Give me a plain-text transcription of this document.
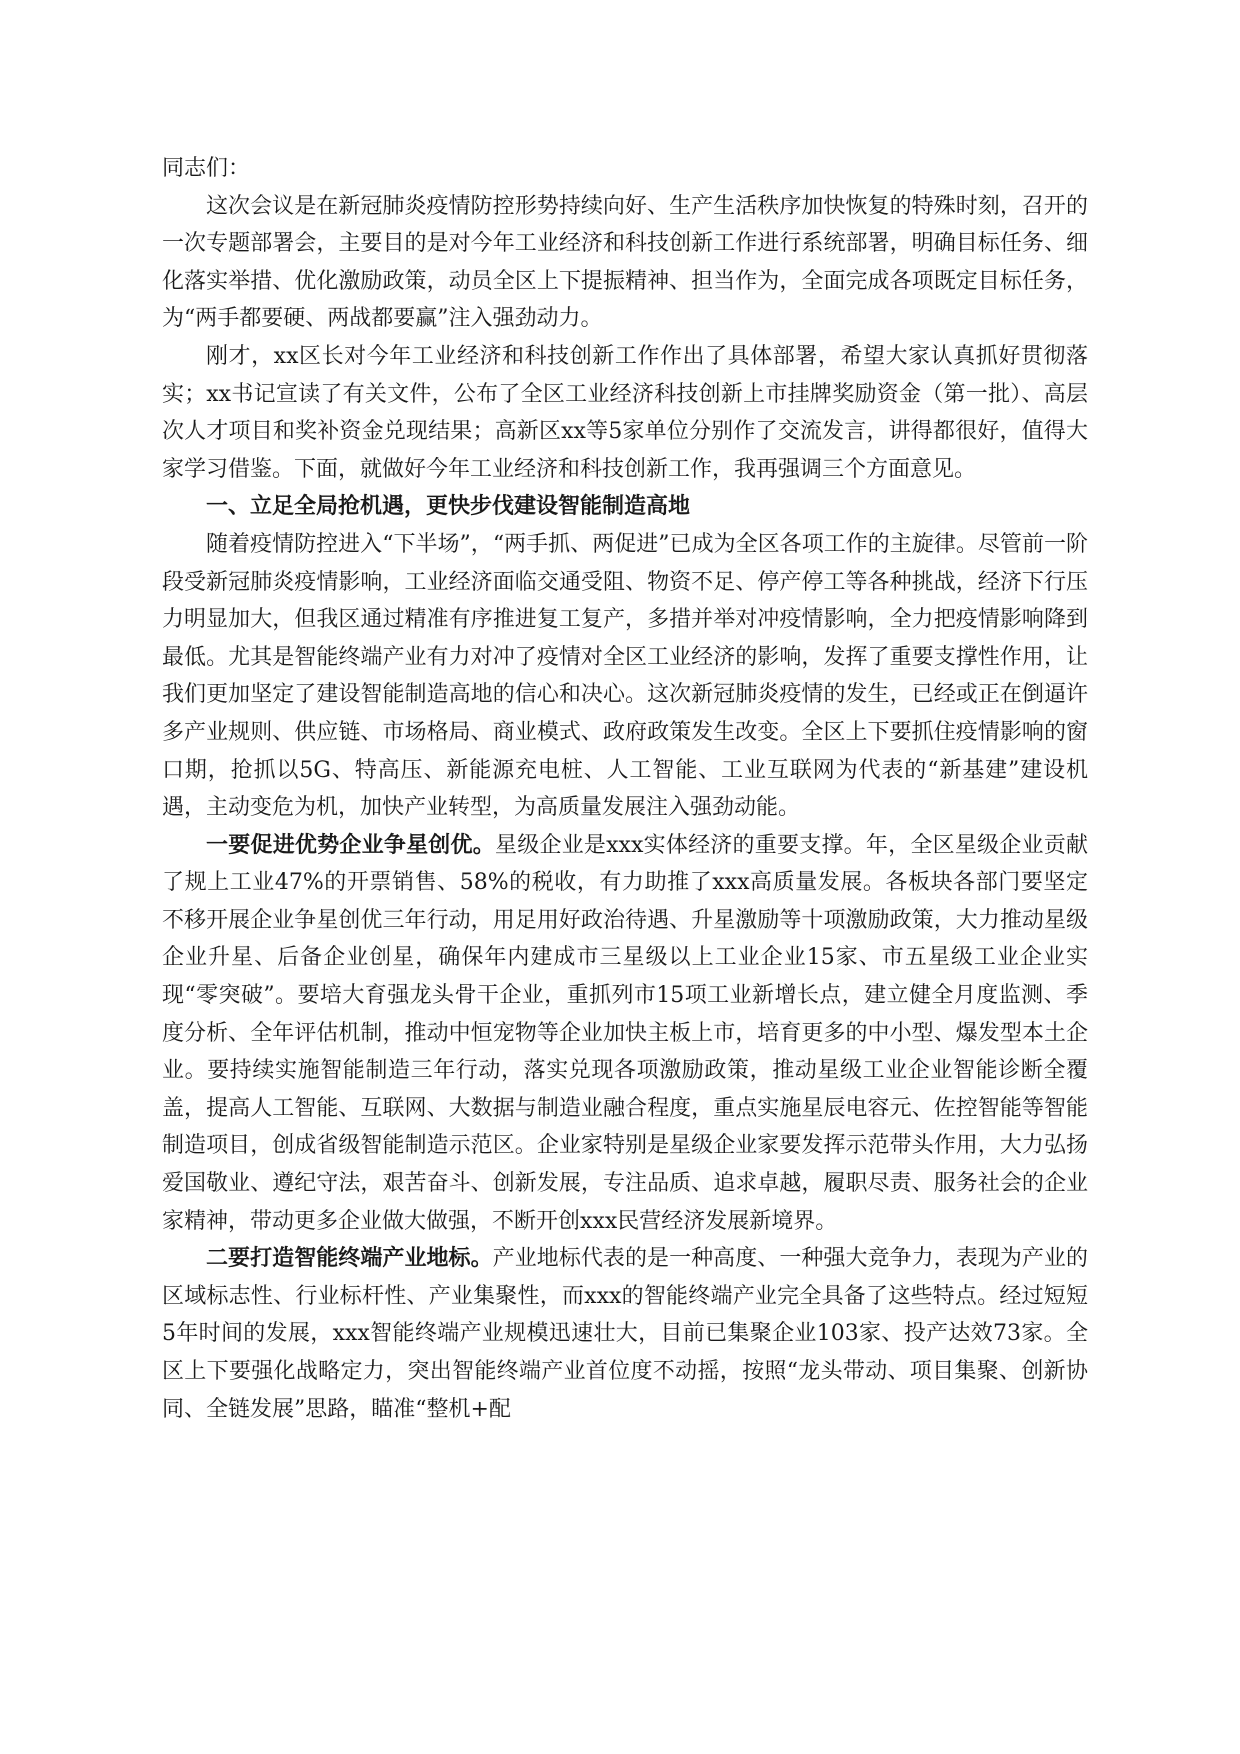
同志们：

这次会议是在新冠肺炎疫情防控形势持续向好、生产生活秩序加快恢复的特殊时刻，召开的一次专题部署会，主要目的是对今年工业经济和科技创新工作进行系统部署，明确目标任务、细化落实举措、优化激励政策，动员全区上下提振精神、担当作为，全面完成各项既定目标任务，为“两手都要硬、两战都要赢”注入强劲动力。

刚才，xx区长对今年工业经济和科技创新工作作出了具体部署，希望大家认真抓好贯彻落实；xx书记宣读了有关文件，公布了全区工业经济科技创新上市挂牌奖励资金（第一批）、高层次人才项目和奖补资金兑现结果；高新区xx等5家单位分别作了交流发言，讲得都很好，值得大家学习借鉴。下面，就做好今年工业经济和科技创新工作，我再强调三个方面意见。

一、立足全局抢机遇，更快步伐建设智能制造高地

随着疫情防控进入“下半场”，“两手抓、两促进”已成为全区各项工作的主旋律。尽管前一阶段受新冠肺炎疫情影响，工业经济面临交通受阻、物资不足、停产停工等各种挑战，经济下行压力明显加大，但我区通过精准有序推进复工复产，多措并举对冲疫情影响，全力把疫情影响降到最低。尤其是智能终端产业有力对冲了疫情对全区工业经济的影响，发挥了重要支撑性作用，让我们更加坚定了建设智能制造高地的信心和决心。这次新冠肺炎疫情的发生，已经或正在倒逼许多产业规则、供应链、市场格局、商业模式、政府政策发生改变。全区上下要抓住疫情影响的窗口期，抢抓以5G、特高压、新能源充电桩、人工智能、工业互联网为代表的“新基建”建设机遇，主动变危为机，加快产业转型，为高质量发展注入强劲动能。

一要促进优势企业争星创优。星级企业是xxx实体经济的重要支撑。年，全区星级企业贡献了规上工业47%的开票销售、58%的税收，有力助推了xxx高质量发展。各板块各部门要坚定不移开展企业争星创优三年行动，用足用好政治待遇、升星激励等十项激励政策，大力推动星级企业升星、后备企业创星，确保年内建成市三星级以上工业企业15家、市五星级工业企业实现“零突破”。要培大育强龙头骨干企业，重抓列市15项工业新增长点，建立健全月度监测、季度分析、全年评估机制，推动中恒宠物等企业加快主板上市，培育更多的中小型、爆发型本土企业。要持续实施智能制造三年行动，落实兑现各项激励政策，推动星级工业企业智能诊断全覆盖，提高人工智能、互联网、大数据与制造业融合程度，重点实施星辰电容元、佐控智能等智能制造项目，创成省级智能制造示范区。企业家特别是星级企业家要发挥示范带头作用，大力弘扬爱国敬业、遵纪守法，艰苦奋斗、创新发展，专注品质、追求卓越，履职尽责、服务社会的企业家精神，带动更多企业做大做强，不断开创xxx民营经济发展新境界。

二要打造智能终端产业地标。产业地标代表的是一种高度、一种强大竞争力，表现为产业的区域标志性、行业标杆性、产业集聚性，而xxx的智能终端产业完全具备了这些特点。经过短短5年时间的发展，xxx智能终端产业规模迅速壮大，目前已集聚企业103家、投产达效73家。全区上下要强化战略定力，突出智能终端产业首位度不动摇，按照“龙头带动、项目集聚、创新协同、全链发展”思路，瞄准“整机+配
